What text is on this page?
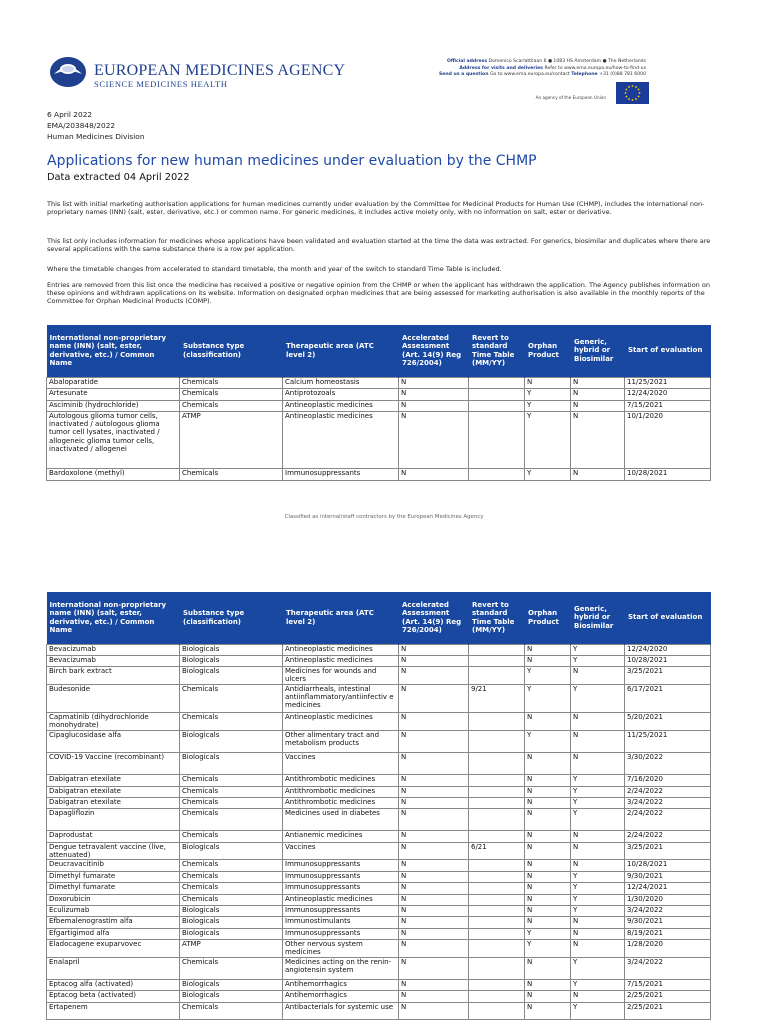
EUROPEAN MEDICINES AGENCY
SCIENCE MEDICINES HEALTH
Official address Domenico Scarlattilaan 6 ● 1083 HS Amsterdam ● The Netherlands
Address for visits and deliveries Refer to www.ema.europa.eu/how-to-find-us
Send us a question Go to www.ema.europa.eu/contact Telephone +31 (0)88 781 6000
An agency of the European Union
6 April 2022
EMA/203848/2022
Human Medicines Division
Applications for new human medicines under evaluation by the CHMP
Data extracted 04 April 2022
This list with initial marketing authorisation applications for human medicines currently under evaluation by the Committee for Medicinal Products for Human Use (CHMP), includes the international non-proprietary names (INN) (salt, ester, derivative, etc.) or common name. For generic medicines, it includes active moiety only, with no information on salt, ester or derivative.
This list only includes information for medicines whose applications have been validated and evaluation started at the time the data was extracted. For generics, biosimilar and duplicates where there are several applications with the same substance there is a row per application.
Where the timetable changes from accelerated to standard timetable, the month and year of the switch to standard Time Table is included.
Entries are removed from this list once the medicine has received a positive or negative opinion from the CHMP or when the applicant has withdrawn the application. The Agency publishes information on these opinions and withdrawn applications on its website. Information on designated orphan medicines that are being assessed for marketing authorisation is also available in the monthly reports of the Committee for Orphan Medicinal Products (COMP).
International non-proprietary name (INN) (salt, ester, derivative, etc.) / Common Name	Substance type (classification)	Therapeutic area (ATC level 2)	Accelerated Assessment (Art. 14(9) Reg 726/2004)	Revert to standard Time Table (MM/YY)	Orphan Product	Generic, hybrid or Biosimilar	Start of evaluation
Abaloparatide	Chemicals	Calcium homeostasis	N		N	N	11/25/2021
Artesunate	Chemicals	Antiprotozoals	N		Y	N	12/24/2020
Asciminib (hydrochloride)	Chemicals	Antineoplastic medicines	N		Y	N	7/15/2021
Autologous glioma tumor cells, inactivated / autologous glioma tumor cell lysates, inactivated / allogeneic glioma tumor cells, inactivated / allogenei	ATMP	Antineoplastic medicines	N		Y	N	10/1/2020
Bardoxolone (methyl)	Chemicals	Immunosuppressants	N		Y	N	10/28/2021
Classified as internal/staff contractors by the European Medicines Agency
International non-proprietary name (INN) (salt, ester, derivative, etc.) / Common Name	Substance type (classification)	Therapeutic area (ATC level 2)	Accelerated Assessment (Art. 14(9) Reg 726/2004)	Revert to standard Time Table (MM/YY)	Orphan Product	Generic, hybrid or Biosimilar	Start of evaluation
Bevacizumab	Biologicals	Antineoplastic medicines	N		N	Y	12/24/2020
Bevacizumab	Biologicals	Antineoplastic medicines	N		N	Y	10/28/2021
Birch bark extract	Biologicals	Medicines for wounds and ulcers	N		Y	N	3/25/2021
Budesonide	Chemicals	Antidiarrheals, intestinal antiinflammatory/antiinfectiv e medicines	N	9/21	Y	Y	6/17/2021
Capmatinib (dihydrochloride monohydrate)	Chemicals	Antineoplastic medicines	N		N	N	5/20/2021
Cipaglucosidase alfa	Biologicals	Other alimentary tract and metabolism products	N		Y	N	11/25/2021
COVID-19 Vaccine (recombinant)	Biologicals	Vaccines	N		N	N	3/30/2022
Dabigatran etexilate	Chemicals	Antithrombotic medicines	N		N	Y	7/16/2020
Dabigatran etexilate	Chemicals	Antithrombotic medicines	N		N	Y	2/24/2022
Dabigatran etexilate	Chemicals	Antithrombotic medicines	N		N	Y	3/24/2022
Dapagliflozin	Chemicals	Medicines used in diabetes	N		N	Y	2/24/2022
Daprodustat	Chemicals	Antianemic medicines	N		N	N	2/24/2022
Dengue tetravalent vaccine (live, attenuated)	Biologicals	Vaccines	N	6/21	N	N	3/25/2021
Deucravacitinib	Chemicals	Immunosuppressants	N		N	N	10/28/2021
Dimethyl fumarate	Chemicals	Immunosuppressants	N		N	Y	9/30/2021
Dimethyl fumarate	Chemicals	Immunosuppressants	N		N	Y	12/24/2021
Doxorubicin	Chemicals	Antineoplastic medicines	N		N	Y	1/30/2020
Eculizumab	Biologicals	Immunosuppressants	N		N	Y	3/24/2022
Efbemalenograstim alfa	Biologicals	Immunostimulants	N		N	N	9/30/2021
Efgartigimod alfa	Biologicals	Immunosuppressants	N		Y	N	8/19/2021
Eladocagene exuparvovec	ATMP	Other nervous system medicines	N		Y	N	1/28/2020
Enalapril	Chemicals	Medicines acting on the renin-angiotensin system	N		N	Y	3/24/2022
Eptacog alfa (activated)	Biologicals	Antihemorrhagics	N		N	Y	7/15/2021
Eptacog beta (activated)	Biologicals	Antihemorrhagics	N		N	N	2/25/2021
Ertapenem	Chemicals	Antibacterials for systemic use	N		N	Y	2/25/2021
